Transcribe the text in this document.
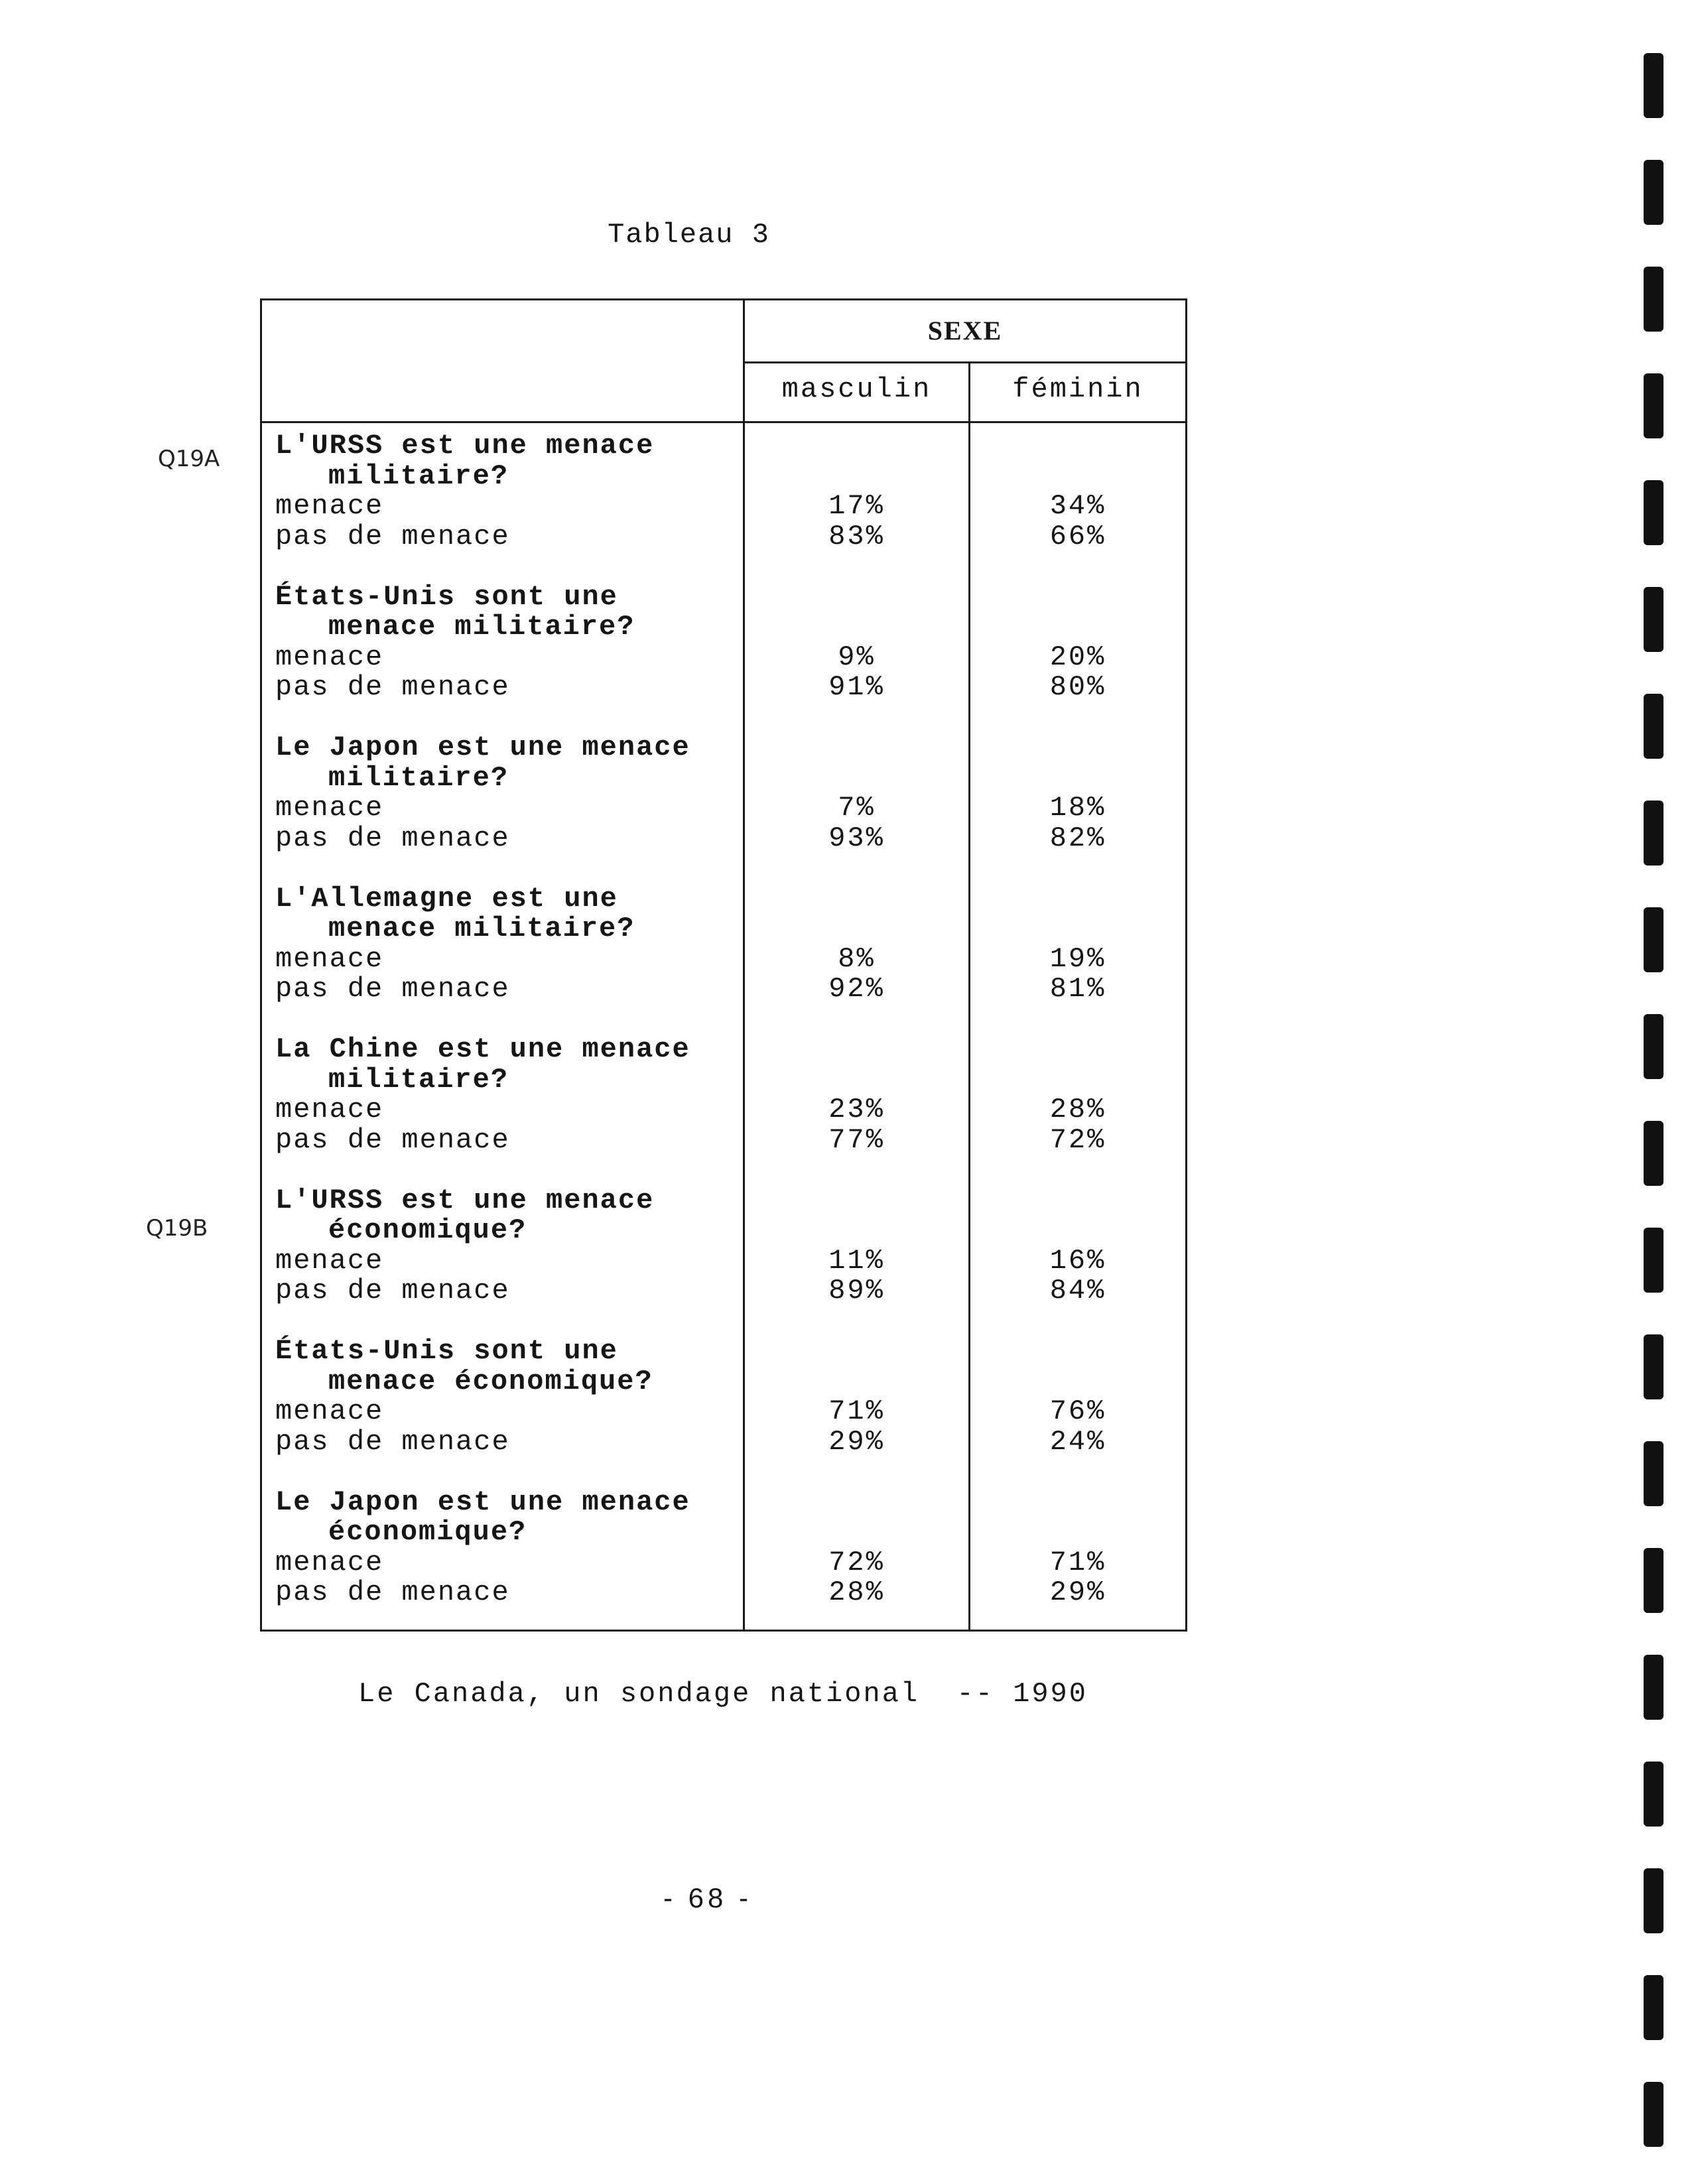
Tableau 3
Q19A
Q19B
SEXE
masculin	féminin
L'URSS est une menace
militaire?
menace	17%	34%
pas de menace	83%	66%
États-Unis sont une
menace militaire?
menace	9%	20%
pas de menace	91%	80%
Le Japon est une menace
militaire?
menace	7%	18%
pas de menace	93%	82%
L'Allemagne est une
menace militaire?
menace	8%	19%
pas de menace	92%	81%
La Chine est une menace
militaire?
menace	23%	28%
pas de menace	77%	72%
L'URSS est une menace
économique?
menace	11%	16%
pas de menace	89%	84%
États-Unis sont une
menace économique?
menace	71%	76%
pas de menace	29%	24%
Le Japon est une menace
économique?
menace	72%	71%
pas de menace	28%	29%
Le Canada, un sondage national  -- 1990
- 68 -
